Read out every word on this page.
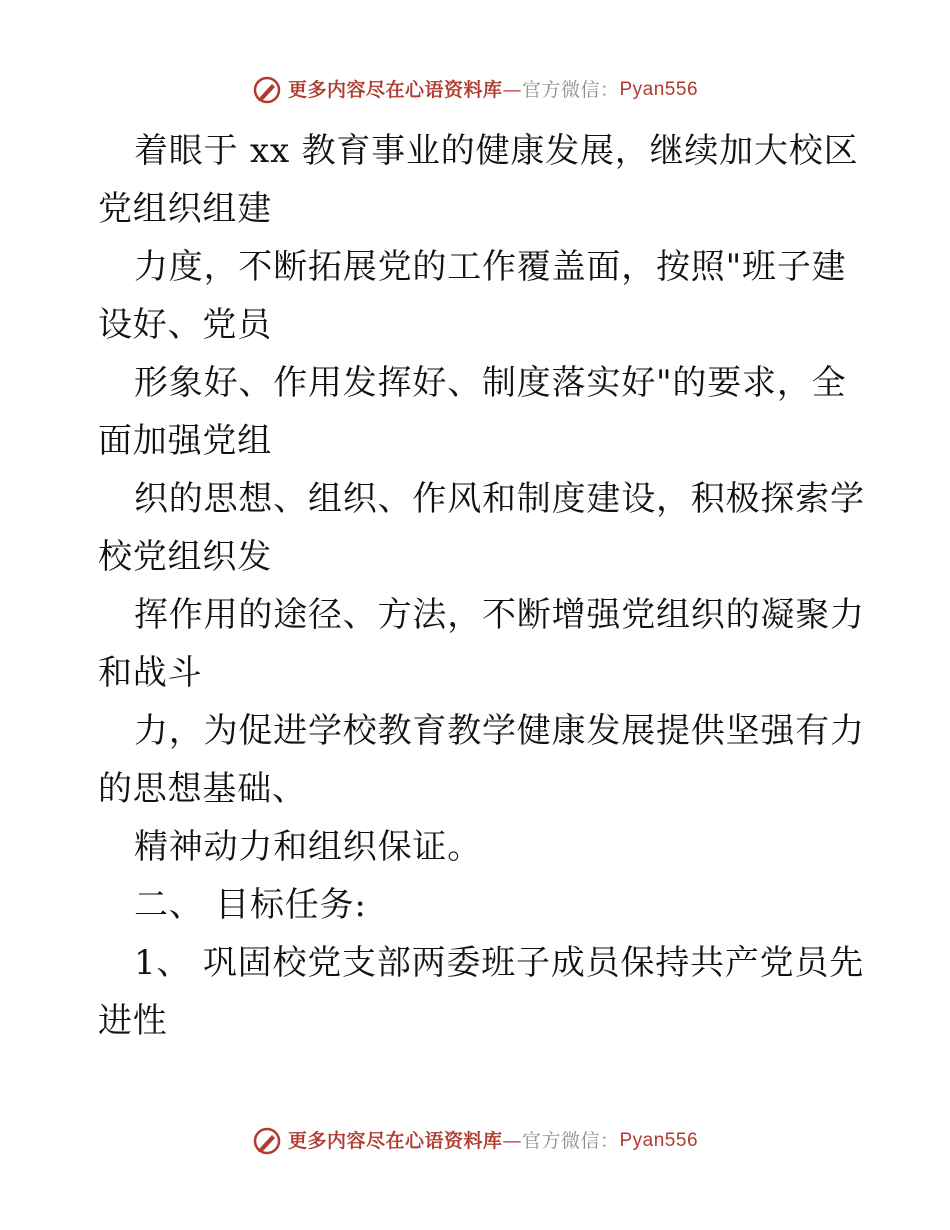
更多内容尽在心语资料库 — 官方微信： Pyan556
着眼于 xx 教育事业的健康发展，继续加大校区
党组织组建
力度，不断拓展党的工作覆盖面，按照"班子建
设好、党员
形象好、作用发挥好、制度落实好"的要求，全
面加强党组
织的思想、组织、作风和制度建设，积极探索学
校党组织发
挥作用的途径、方法，不断增强党组织的凝聚力
和战斗
力，为促进学校教育教学健康发展提供坚强有力
的思想基础、
精神动力和组织保证。
二、 目标任务:
1、 巩固校党支部两委班子成员保持共产党员先
进性
更多内容尽在心语资料库 — 官方微信： Pyan556
